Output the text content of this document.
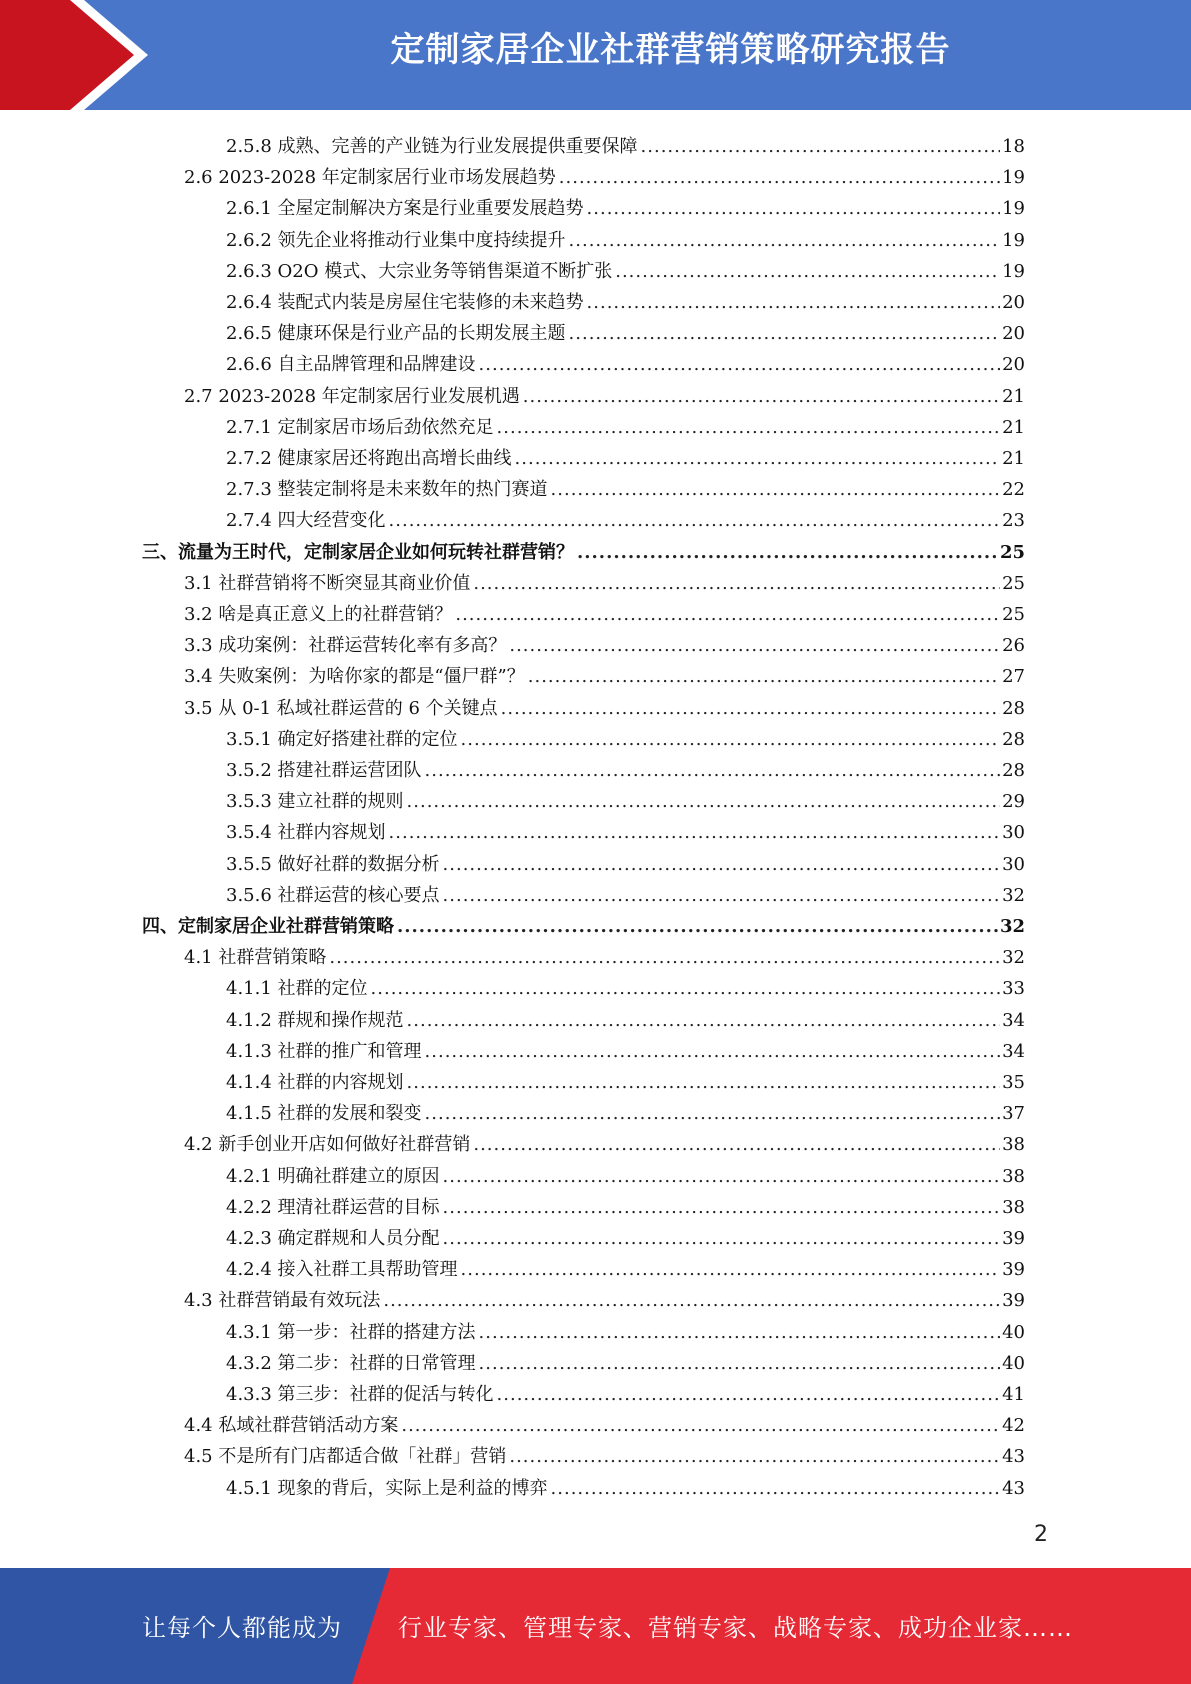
定制家居企业社群营销策略研究报告
2.5.8 成熟、完善的产业链为行业发展提供重要保障 .....	18
2.6 2023-2028 年定制家居行业市场发展趋势 .....	19
2.6.1 全屋定制解决方案是行业重要发展趋势 .....	19
2.6.2 领先企业将推动行业集中度持续提升 .....	19
2.6.3 O2O 模式、大宗业务等销售渠道不断扩张 .....	19
2.6.4 装配式内装是房屋住宅装修的未来趋势 .....	20
2.6.5 健康环保是行业产品的长期发展主题 .....	20
2.6.6 自主品牌管理和品牌建设 .....	20
2.7 2023-2028 年定制家居行业发展机遇 .....	21
2.7.1 定制家居市场后劲依然充足 .....	21
2.7.2 健康家居还将跑出高增长曲线 .....	21
2.7.3 整装定制将是未来数年的热门赛道 .....	22
2.7.4 四大经营变化 .....	23
三、流量为王时代，定制家居企业如何玩转社群营销？ .....	25
3.1 社群营销将不断突显其商业价值 .....	25
3.2 啥是真正意义上的社群营销？ .....	25
3.3 成功案例：社群运营转化率有多高？ .....	26
3.4 失败案例：为啥你家的都是“僵尸群”？ .....	27
3.5 从 0-1 私域社群运营的 6 个关键点 .....	28
3.5.1 确定好搭建社群的定位 .....	28
3.5.2 搭建社群运营团队 .....	28
3.5.3 建立社群的规则 .....	29
3.5.4 社群内容规划 .....	30
3.5.5 做好社群的数据分析 .....	30
3.5.6 社群运营的核心要点 .....	32
四、定制家居企业社群营销策略 .....	32
4.1 社群营销策略 .....	32
4.1.1 社群的定位 .....	33
4.1.2 群规和操作规范 .....	34
4.1.3 社群的推广和管理 .....	34
4.1.4 社群的内容规划 .....	35
4.1.5 社群的发展和裂变 .....	37
4.2 新手创业开店如何做好社群营销 .....	38
4.2.1 明确社群建立的原因 .....	38
4.2.2 理清社群运营的目标 .....	38
4.2.3 确定群规和人员分配 .....	39
4.2.4 接入社群工具帮助管理 .....	39
4.3 社群营销最有效玩法 .....	39
4.3.1 第一步：社群的搭建方法 .....	40
4.3.2 第二步：社群的日常管理 .....	40
4.3.3 第三步：社群的促活与转化 .....	41
4.4 私域社群营销活动方案 .....	42
4.5 不是所有门店都适合做「社群」营销 .....	43
4.5.1 现象的背后，实际上是利益的博弈 .....	43
2
让每个人都能成为 行业专家、管理专家、营销专家、战略专家、成功企业家……
